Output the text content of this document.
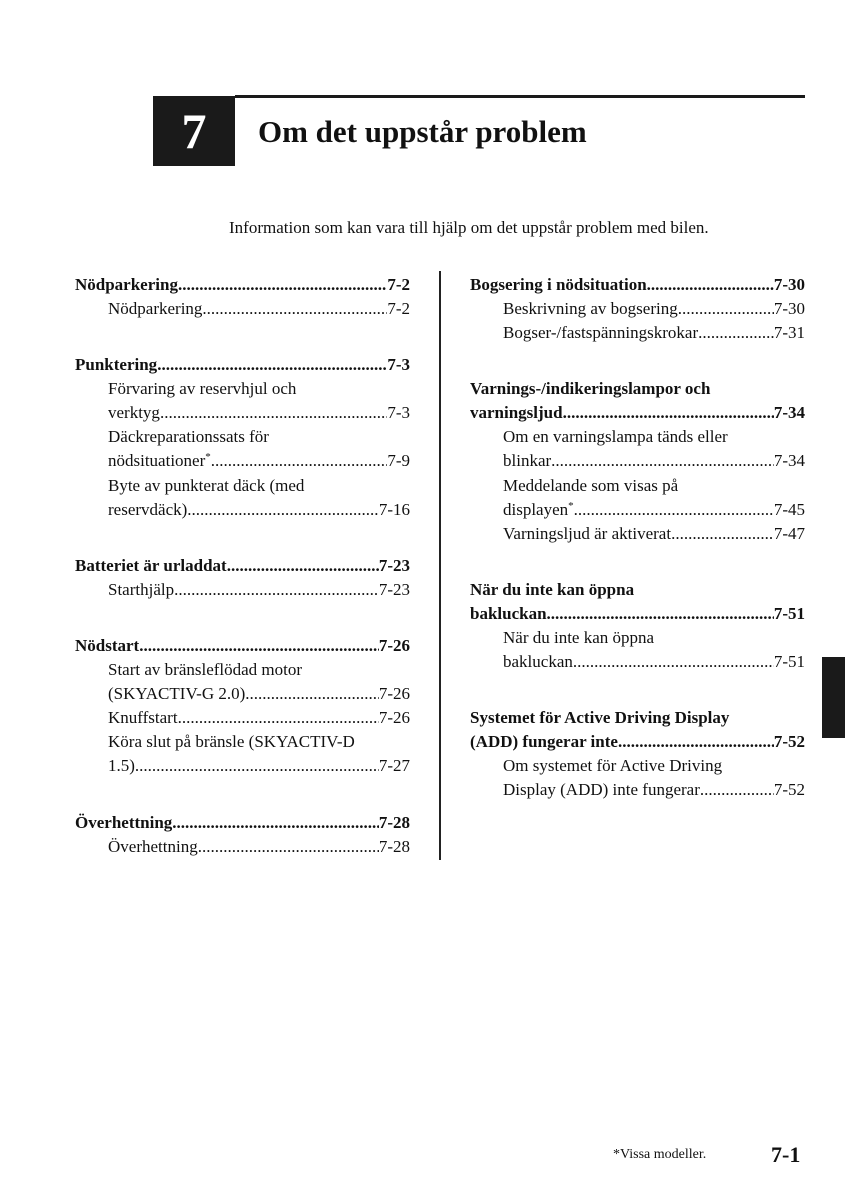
7 Om det uppstår problem
Information som kan vara till hjälp om det uppstår problem med bilen.
Nödparkering .....	7-2
Nödparkering .....	7-2
Punktering .....	7-3
Förvaring av reservhjul och
verktyg .....	7-3
Däckreparationssats för
nödsituationer* .....	7-9
Byte av punkterat däck (med
reservdäck) .....	7-16
Batteriet är urladdat .....	7-23
Starthjälp .....	7-23
Nödstart .....	7-26
Start av bränsleflödad motor
(SKYACTIV-G 2.0) .....	7-26
Knuffstart .....	7-26
Köra slut på bränsle (SKYACTIV-D
1.5) .....	7-27
Överhettning .....	7-28
Överhettning .....	7-28
Bogsering i nödsituation .....	7-30
Beskrivning av bogsering .....	7-30
Bogser-/fastspänningskrokar .....	7-31
Varnings-/indikeringslampor och
varningsljud .....	7-34
Om en varningslampa tänds eller
blinkar .....	7-34
Meddelande som visas på
displayen* .....	7-45
Varningsljud är aktiverat .....	7-47
När du inte kan öppna
bakluckan .....	7-51
När du inte kan öppna
bakluckan .....	7-51
Systemet för Active Driving Display
(ADD) fungerar inte .....	7-52
Om systemet för Active Driving
Display (ADD) inte fungerar .....	7-52
*Vissa modeller.	7-1
